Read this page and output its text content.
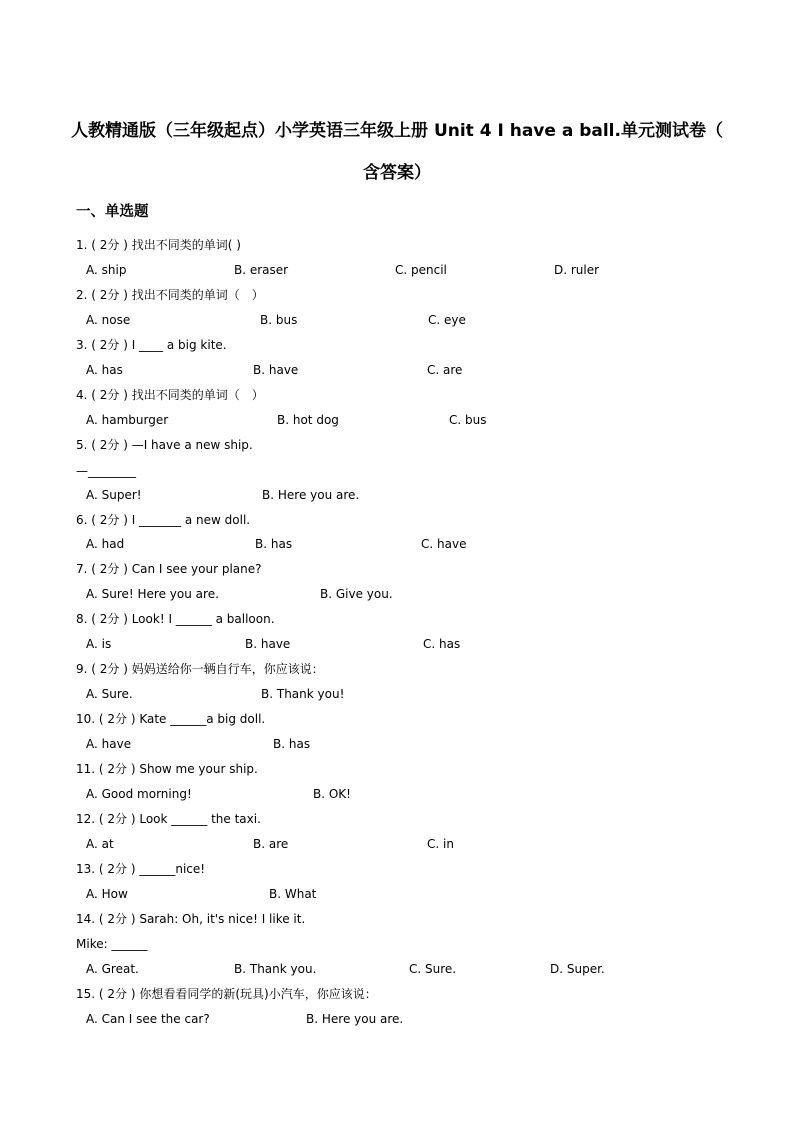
人教精通版（三年级起点）小学英语三年级上册 Unit 4 I have a ball.单元测试卷（
含答案）
一、单选题
1. ( 2分 ) 找出不同类的单词( )
A. ship	B. eraser	C. pencil	D. ruler
2. ( 2分 ) 找出不同类的单词（　）
A. nose	B. bus	C. eye
3. ( 2分 ) I ____ a big kite.
A. has	B. have	C. are
4. ( 2分 ) 找出不同类的单词（　）
A. hamburger	B. hot dog	C. bus
5. ( 2分 ) —I have a new ship.
—________
A. Super!	B. Here you are.
6. ( 2分 ) I _______ a new doll.
A. had	B. has	C. have
7. ( 2分 ) Can I see your plane?
A. Sure! Here you are.	B. Give you.
8. ( 2分 ) Look! I ______ a balloon.
A. is	B. have	C. has
9. ( 2分 ) 妈妈送给你一辆自行车，你应该说：
A. Sure.	B. Thank you!
10. ( 2分 ) Kate ______a big doll.
A. have	B. has
11. ( 2分 ) Show me your ship.
A. Good morning!	B. OK!
12. ( 2分 ) Look ______ the taxi.
A. at	B. are	C. in
13. ( 2分 ) ______nice!
A. How	B. What
14. ( 2分 ) Sarah: Oh, it's nice! I like it.
Mike: ______
A. Great.	B. Thank you.	C. Sure.	D. Super.
15. ( 2分 ) 你想看看同学的新(玩具)小汽车，你应该说：
A. Can I see the car?	B. Here you are.
